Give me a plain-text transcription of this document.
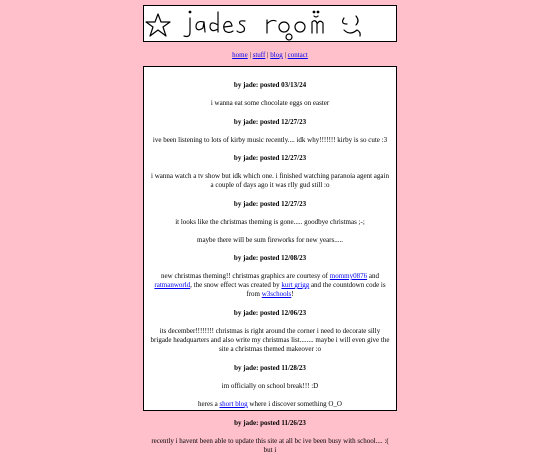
home | stuff | blog | contact

by jade: posted 03/13/24

i wanna eat some chocolate eggs on easter

by jade: posted 12/27/23

ive been listening to lots of kirby music recently.... idk why!!!!!!! kirby is so cute :3

by jade: posted 12/27/23

i wanna watch a tv show but idk which one. i finished watching paranoia agent again a couple of days ago it was rlly gud still :o

by jade: posted 12/27/23

it looks like the christmas theming is gone..... goodbye christmas ;-;

maybe there will be sum fireworks for new years.....

by jade: posted 12/08/23

new christmas theming!! christmas graphics are courtesy of mommy0876 and ratmanworld, the snow effect was created by kurt grigg and the countdown code is from w3schools!

by jade: posted 12/06/23

its december!!!!!!!! christmas is right around the corner i need to decorate silly brigade headquarters and also write my christmas list........ maybe i will even give the site a christmas themed makeover :o

by jade: posted 11/28/23

im officially on school break!!! :D

heres a short blog where i discover something O_O

by jade: posted 11/26/23

recently i havent been able to update this site at all bc ive been busy with school.... :( but i
